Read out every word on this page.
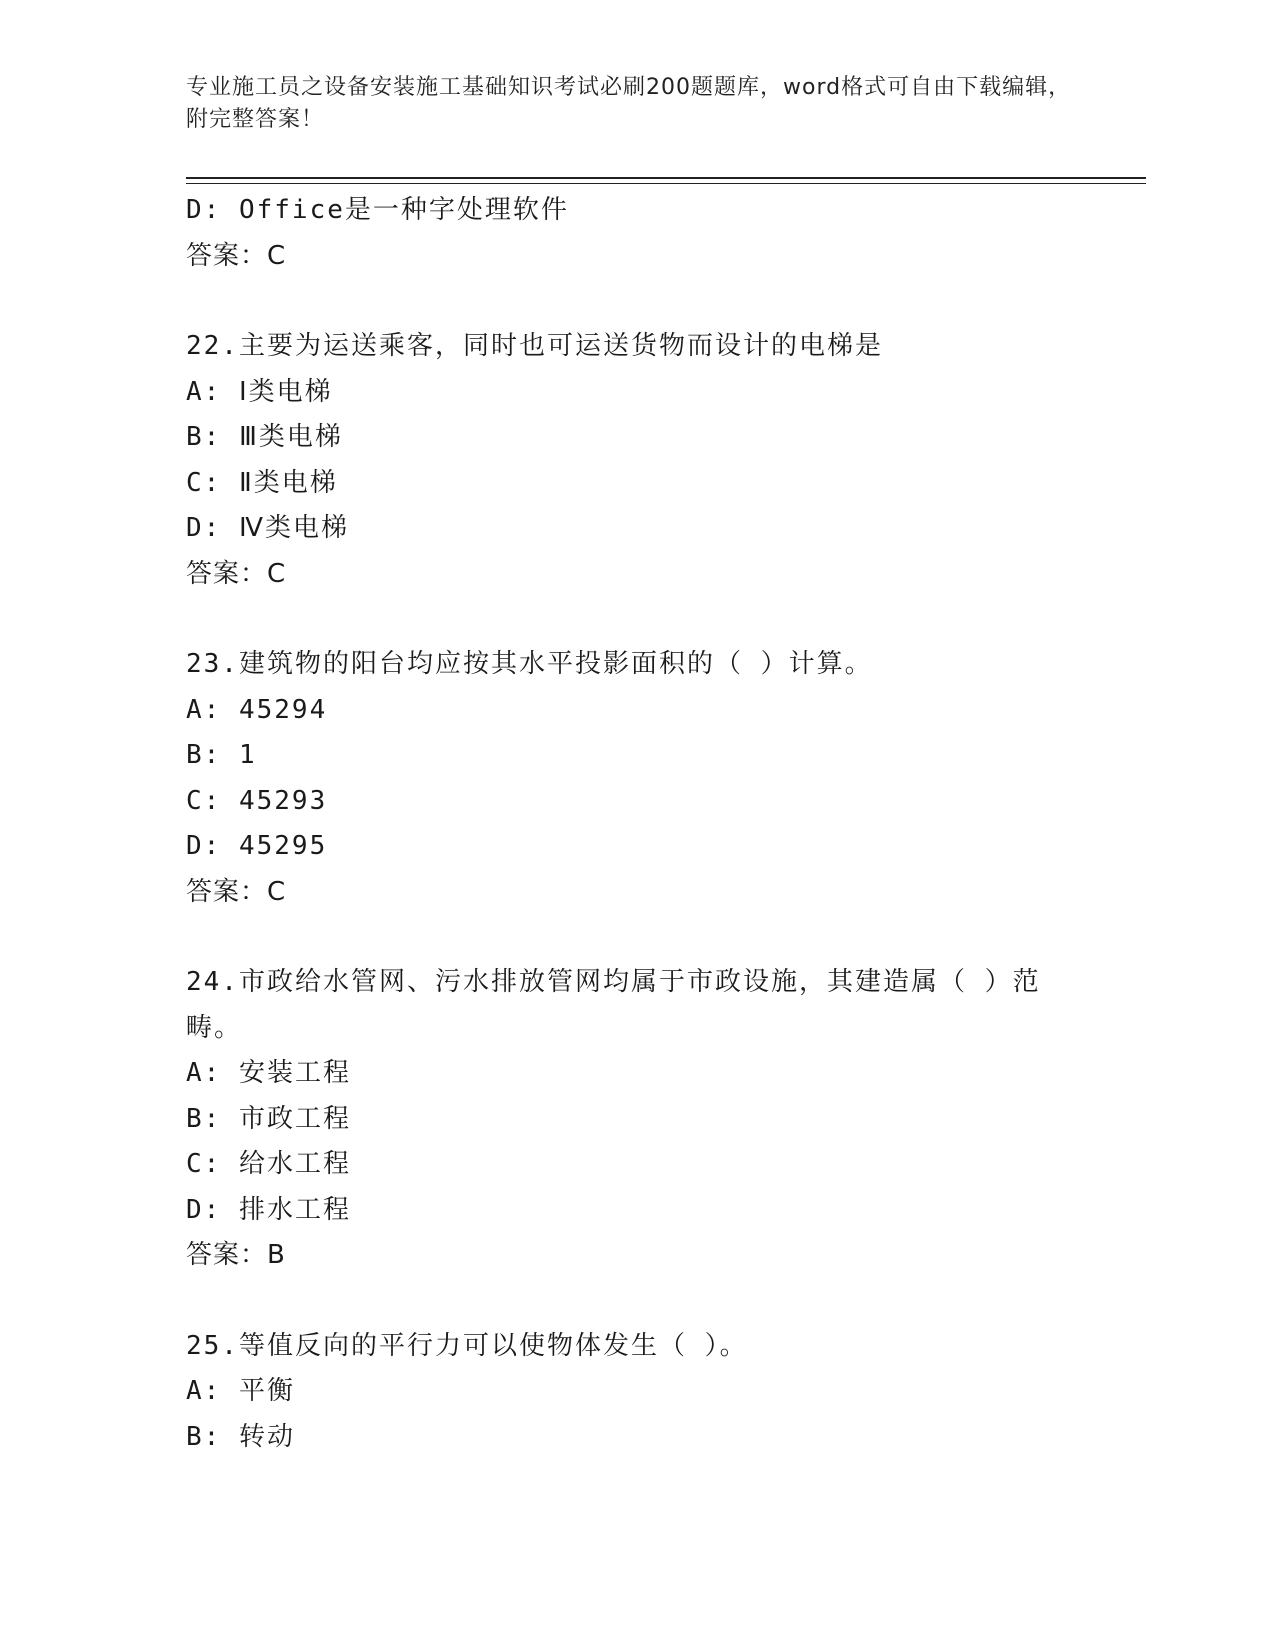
专业施工员之设备安装施工基础知识考试必刷200题题库，word格式可自由下载编辑，附完整答案！
D: Office是一种字处理软件
答案：C
22.主要为运送乘客，同时也可运送货物而设计的电梯是
A: Ⅰ类电梯
B: Ⅲ类电梯
C: Ⅱ类电梯
D: Ⅳ类电梯
答案：C
23.建筑物的阳台均应按其水平投影面积的（ ）计算。
A: 45294
B: 1
C: 45293
D: 45295
答案：C
24.市政给水管网、污水排放管网均属于市政设施，其建造属（ ）范畴。
A: 安装工程
B: 市政工程
C: 给水工程
D: 排水工程
答案：B
25.等值反向的平行力可以使物体发生（ ）。
A: 平衡
B: 转动
